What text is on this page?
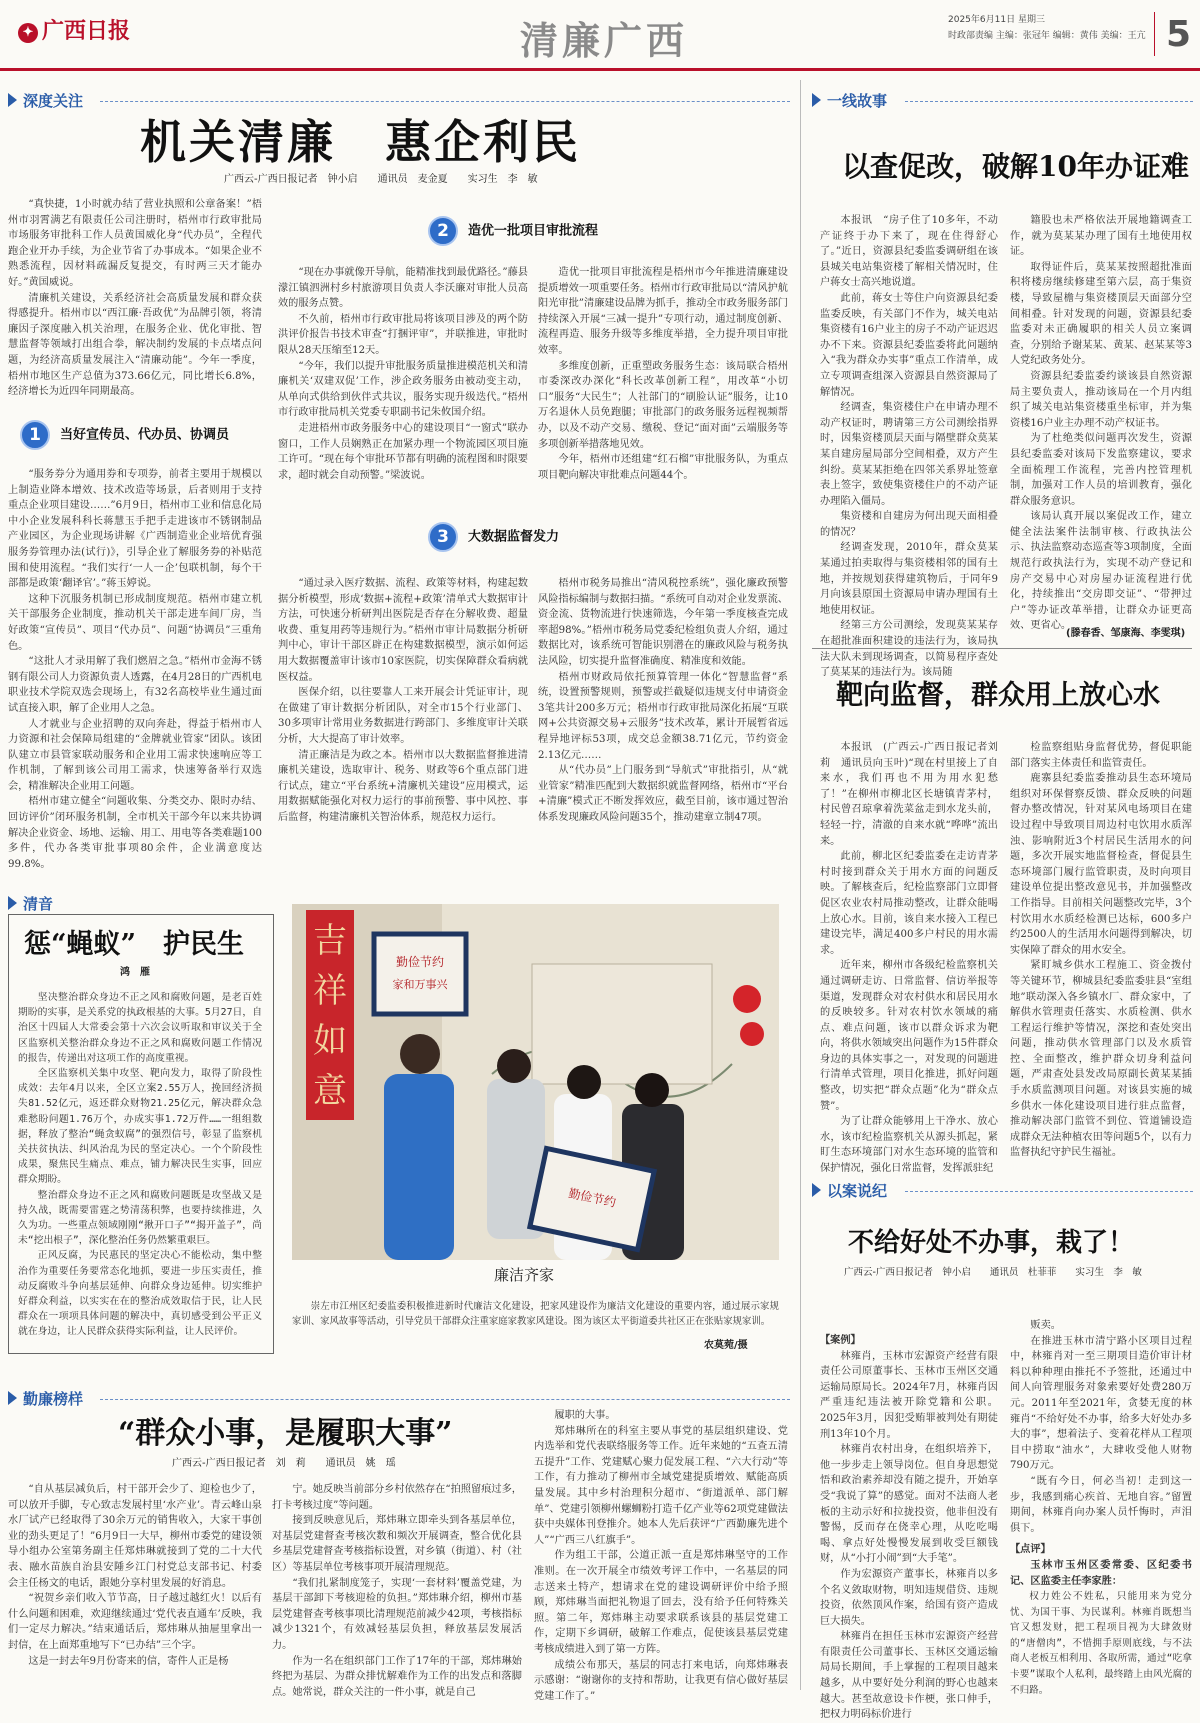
✦ 广西日报	清廉广西	2025年6月11日 星期三
时政部责编 主编：张冠年 编辑：黄伟 美编：王亢 5
深度关注
机关清廉　惠企利民
广西云-广西日报记者　钟小启　　通讯员　麦金夏　　实习生　李　敏

“真快捷，1小时就办结了营业执照和公章备案！”梧州市羽霄满艺有限责任公司注册时，梧州市行政审批局市场服务审批科工作人员黄国威化身“代办员”，全程代跑企业开办手续，为企业节省了办事成本。“如果企业不熟悉流程，因材料疏漏反复提交，有时两三天才能办好。”黄国威说。

清廉机关建设，关系经济社会高质量发展和群众获得感提升。梧州市以“西江廉·吾政优”为品牌引领，将清廉因子深度融入机关治理，在服务企业、优化审批、智慧监督等领域打出组合拳，解决制约发展的卡点堵点问题，为经济高质量发展注入“清廉动能”。今年一季度，梧州市地区生产总值为373.66亿元，同比增长6.8%，经济增长为近四年同期最高。

1 当好宣传员、代办员、协调员

“服务券分为通用券和专项券，前者主要用于规模以上制造业降本增效、技术改造等场景，后者则用于支持重点企业项目建设……”6月9日，梧州市工业和信息化局中小企业发展科科长蒋慧玉手把手走进该市不锈钢制品产业园区，为企业现场讲解《广西制造业企业培优育强服务券管理办法(试行)》，引导企业了解服务券的补贴范围和使用流程。“我们实行‘一人一企’包联机制，每个干部都是政策‘翻译官’。”蒋玉婷说。

这种下沉服务机制已形成制度规范。梧州市建立机关干部服务企业制度，推动机关干部走进车间厂房，当好政策“宣传员”、项目“代办员”、问题“协调员”三重角色。

“这批人才录用解了我们燃眉之急。”梧州市金海不锈钢有限公司人力资源负责人透露，在4月28日的广西机电职业技术学院双选会现场上，有32名高校毕业生通过面试直接入职，解了企业用人之急。

人才就业与企业招聘的双向奔赴，得益于梧州市人力资源和社会保障局组建的“金牌就业管家”团队。该团队建立市县管家联动服务和企业用工需求快速响应等工作机制，了解到该公司用工需求，快速筹备举行双选会，精准解决企业用工问题。

梧州市建立健全“问题收集、分类交办、限时办结、回访评价”闭环服务机制，全市机关干部今年以来共协调解决企业资金、场地、运输、用工、用电等各类难题100多件，代办各类审批事项80余件，企业满意度达99.8%。

2 造优一批项目审批流程

“现在办事就像开导航，能精准找到最优路径。”藤县濛江镇泗洲村乡村旅游项目负责人李沃廉对审批人员高效的服务点赞。

不久前，梧州市行政审批局将该项目涉及的两个防洪评价报告书技术审查“打捆评审”，并联推进，审批时限从28天压缩至12天。

“今年，我们以提升审批服务质量推进模范机关和清廉机关‘双建双促’工作，涉企政务服务由被动变主动，从单向式供给到伙伴式共议，服务实现升级迭代。”梧州市行政审批局机关党委专职副书记朱攸国介绍。

走进梧州市政务服务中心的建设项目“一窗式”联办窗口，工作人员娴熟正在加紧办理一个物流园区项目施工许可。“现在每个审批环节都有明确的流程图和时限要求，超时就会自动预警。”梁波说。

造优一批项目审批流程是梧州市今年推进清廉建设提质增效一项重要任务。梧州市行政审批局以“清风护航　阳光审批”清廉建设品牌为抓手，推动全市政务服务部门持续深入开展“三减一提升”专项行动，通过制度创新、流程再造、服务升级等多维度举措，全力提升项目审批效率。

多维度创新，正重塑政务服务生态：该局联合梧州市委深改办深化“科长改革创新工程”，用改革“小切口”服务“大民生”；人社部门的“刷脸认证”服务，让10万名退休人员免跑腿；审批部门的政务服务远程视频帮办，以及不动产交易、缴税、登记“面对面”云端服务等多项创新举措落地见效。

今年，梧州市还组建“红石榴”审批服务队，为重点项目靶向解决审批难点问题44个。

3 大数据监督发力

“通过录入医疗数据、流程、政策等材料，构建起数据分析模型，形成‘数据+流程+政策’清单式大数据审计方法，可快速分析研判出医院是否存在分解收费、超量收费、重复用药等违规行为。”梧州市审计局数据分析研判中心，审计干部区辟正在构建数据模型，演示如何运用大数据覆盖审计该市10家医院，切实保障群众看病就医权益。

医保介绍，以往要靠人工来开展会计凭证审计，现在做建了审计数据分析团队，对全市15个行业部门、30多项审计常用业务数据进行跨部门、多维度审计关联分析，大大提高了审计效率。

清正廉洁是为政之本。梧州市以大数据监督推进清廉机关建设，选取审计、税务、财政等6个重点部门进行试点，建立“平台系统+清廉机关建设”应用模式，运用数据赋能强化对权力运行的事前预警、事中风控、事后监督，构建清廉机关智治体系，规范权力运行。

梧州市税务局推出“清风税控系统”，强化廉政预警风险指标编制与数据扫描。“系统可自动对企业发票流、资金流、货物流进行快速筛选，今年第一季度核查完成率超98%。”梧州市税务局党委纪检组负责人介绍，通过数据比对，该系统可智能识别潜在的廉政风险与税务执法风险，切实提升监督准确度、精准度和效能。

梧州市财政局依托预算管理一体化“智慧监督”系统，设置预警规则，预警或拦截疑似违规支付申请资金3笔共计200多万元；梧州市行政审批局深化拓展“互联网+公共资源交易+云服务”技术改革，累计开展暂省远程异地评标53项，成交总金额38.71亿元，节约资金2.13亿元……

从“代办员”上门服务到“导航式”审批指引，从“就业管家”精准匹配到大数据织就监督网络，梧州市“平台+清廉”模式正不断发挥效应，截至目前，该市通过智治体系发现廉政风险问题35个，推动建章立制47项。

一线故事
以查促改，破解10年办证难

本报讯　“房子住了10多年，不动产证终于办下来了，现在住得舒心了。”近日，资源县纪委监委调研组在该县城关电站集资楼了解相关情况时，住户蒋女士高兴地说道。

此前，蒋女士等住户向资源县纪委监委反映，有关部门不作为，城关电站集资楼有16户业主的房子不动产证迟迟办不下来。资源县纪委监委将此问题纳入“我为群众办实事”重点工作清单，成立专项调查组深入资源县自然资源局了解情况。

经调查，集资楼住户在申请办理不动产权证时，聘请第三方公司测绘指界时，因集资楼顶层天面与隔壁群众莫某某自建房屋局部分空间相叠，双方产生纠纷。莫某某拒绝在四邻关系界址签章表上签字，致使集资楼住户的不动产证办理陷入僵局。

集资楼和自建房为何出现天面相叠的情况？

经调查发现，2010年，群众莫某某通过拍卖取得与集资楼相邻的国有土地，并按规划获得建筑物后，于同年9月向该县原国土资源局申请办理国有土地使用权证。

经第三方公司测绘，发现莫某某存在超批准面积建设的违法行为，该局执法大队未到现场调查，以简易程序查处了莫某某的违法行为。该局随

籍股也未严格依法开展地籍调查工作，就为莫某某办理了国有土地使用权证。

取得证件后，莫某某按照超批准面积将楼房继续修建至第六层，高于集资楼，导致屋檐与集资楼顶层天面部分空间相叠。针对发现的问题，资源县纪委监委对未正确履职的相关人员立案调查，分别给予谢某某、黄某、赵某某等3人党纪政务处分。

资源县纪委监委约谈该县自然资源局主要负责人，推动该局在一个月内组织了城关电站集资楼重坐标审，并为集资楼16户业主办理不动产权证书。

为了杜绝类似问题再次发生，资源县纪委监委对该局下发监察建议，要求全面梳理工作流程，完善内控管理机制，加强对工作人员的培训教育，强化群众服务意识。

该局认真开展以案促改工作，建立健全法法案件法制审核、行政执法公示、执法监察动态巡查等3项制度，全面规范行政执法行为，实现不动产登记和房产交易中心对房屋办证流程进行优化，持续推出“交房即交证”、“带押过户”等办证改革举措，让群众办证更高效、更省心。

(滕春香、邹康海、李雯琪)
靶向监督，群众用上放心水

本报讯　(广西云-广西日报记者刘莉　通讯员向玉叶)“现在村里接上了自来水，我们再也不用为用水犯愁了！”在柳州市柳北区长塘镇青茅村，村民曾召琼拿着洗菜盆走到水龙头前，轻轻一拧，清澈的自来水就“哗哗”流出来。

此前，柳北区纪委监委在走访青茅村时接到群众关于用水方面的问题反映。了解核查后，纪检监察部门立即督促区农业农村局推动整改，让群众能喝上放心水。目前，该自来水接入工程已建设完毕，满足400多户村民的用水需求。

近年来，柳州市各级纪检监察机关通过调研走访、日常监督、信访举报等渠道，发现群众对农村供水和居民用水的反映较多。针对农村饮水领域的痛点、难点问题，该市以群众诉求为靶向，将供水领域突出问题作为15件群众身边的具体实事之一，对发现的问题进行清单式管理，项目化推进，抓好问题整改，切实把“群众点题”化为“群众点赞”。

为了让群众能够用上干净水、放心水，该市纪检监察机关从源头抓起，紧盯生态环境部门对水生态环境的监管和保护情况，强化日常监督，发挥派驻纪

检监察组贴身监督优势，督促职能部门落实主体责任和监管责任。

鹿寨县纪委监委推动县生态环境局组织对环保督察反馈、群众反映的问题督办整改情况，针对某风电场项目在建设过程中导致项目周边村屯饮用水质浑浊、影响附近3个村居民生活用水的问题，多次开展实地监督检查，督促县生态环境部门履行监管职责，及时向项目建设单位提出整改意见书，并加强整改工作指导。目前相关问题整改完毕，3个村饮用水水质经检测已达标，600多户约2500人的生活用水问题得到解决，切实保障了群众的用水安全。

紧盯城乡供水工程施工、资金拨付等关键环节，柳城县纪委监委驻县“室组地”联动深入各乡镇水厂、群众家中，了解供水管理责任落实、水质检测、供水工程运行维护等情况，深挖和查处突出问题，推动供水管理部门以及水质管控、全面整改，维护群众切身利益问题，严肃查处县发改局原副长黄某某插手水质监测项目问题。对该县实施的城乡供水一体化建设项目进行驻点监督，推动解决部门监管不到位、管道铺设造成群众无法种植农田等问题5个，以有力监督执纪守护民生福祉。

清音
惩“蝇蚁”　护民生
鸿　雁

坚决整治群众身边不正之风和腐败问题，是老百姓期盼的实事，是关系党的执政根基的大事。5月27日，自治区十四届人大常委会第十六次会议听取和审议关于全区监察机关整治群众身边不正之风和腐败问题工作情况的报告，传递出对这项工作的高度重视。

全区监察机关集中攻坚、靶向发力，取得了阶段性成效：去年4月以来，全区立案2.55万人，挽回经济损失81.52亿元，返还群众财物21.25亿元，解决群众急难愁盼问题1.76万个，办成实事1.72万件……一组组数据，释放了整治“蝇贪蚁腐”的强烈信号，彰显了监察机关扶贫执法、纠风治乱为民的坚定决心。一个个阶段性成果，聚焦民生痛点、难点，铺力解决民生实事，回应群众期盼。

整治群众身边不正之风和腐败问题既是攻坚战又是持久战，既需要雷霆之势清荡积弊，也要持续推进，久久为功。一些重点领域刚刚“揪开口子”“揭开盖子”，尚未“挖出根子”，深化整治任务仍然繁重艰巨。

正风反腐，为民惠民的坚定决心不能松动，集中整治作为重要任务要常态化地抓，要进一步压实责任，推动反腐败斗争向基层延伸、向群众身边延伸。切实维护好群众利益，以实实在在的整治成效取信于民，让人民群众在一项项具体问题的解决中，真切感受到公平正义就在身边，让人民群众获得实际利益，让人民评价。

吉
祥
如
意
勤俭节约
家和万事兴
勤俭节约
廉洁齐家

崇左市江州区纪委监委积极推进新时代廉洁文化建设，把家风建设作为廉洁文化建设的重要内容，通过展示家规家训、家风故事等活动，引导党员干部群众注重家庭家教家风建设。图为该区太平街道委共社区正在张贴家规家训。

农莫菀/摄
以案说纪
不给好处不办事，栽了！
广西云-广西日报记者　钟小启　　通讯员　杜菲菲　　实习生　李　敏
【案例】

林雍肖，玉林市宏源资产经营有限责任公司原董事长、玉林市玉州区交通运输局原局长。2024年7月，林雍肖因严重违纪违法被开除党籍和公职。2025年3月，因犯受贿罪被判处有期徒刑13年10个月。

林雍肖农村出身，在组织培养下，他一步步走上领导岗位。但自身思想觉悟和政治素养却没有随之提升，开始享受“我说了算”的感觉。面对不法商人老板的主动示好和拉拢投资，他非但没有警惕，反而存在侥幸心理，从吃吃喝喝、拿点好处慢慢发展到收受巨额钱财，从“小打小闹”到“大手笔”。

作为宏源资产董事长，林雍肖以多个名义敛取财物，明知违规借贷、违规投资，依然顶风作案，给国有资产造成巨大损失。

林雍肖在担任玉林市宏源资产经营有限责任公司董事长、玉林区交通运输局局长期间，手上掌握的工程项目越来越多，从中要好处分利润的野心也越来越大。甚至故意设卡作梗，张口伸手，把权力明码标价进行

贩卖。

在推进玉林市清宁路小区项目过程中，林雍肖对一至三期项目造价审计材料以种种理由推托不予签批，还通过中间人向管理服务对象索要好处费280万元。2011年至2021年，贪婪无度的林雍肖“不给好处不办事，给多大好处办多大的事”，想着法子、变着花样从工程项目中捞取“油水”，大肆收受他人财物790万元。

“既有今日，何必当初！走到这一步，我感到痛心疾首、无地自容。”留置期间，林雍肖向办案人员忏悔时，声泪俱下。

【点评】
玉林市玉州区委常委、区纪委书记、区监委主任李家胜：

权力姓公不姓私，只能用来为党分忧、为国干事、为民谋利。林雍肖既想当官又想发财，把工程项目视为大肆敛财的“唐僧肉”，不惜拥手原则底线，与不法商人老板互相利用、各取所需，通过“吃拿卡要”谋取个人私利，最终踏上由风光腐的不归路。

勤廉榜样
“群众小事，是履职大事”
广西云-广西日报记者　刘　莉　　通讯员　姚　瑶

“自从基层减负后，村干部开会少了、迎检也少了，可以放开手脚，专心致志发展村里‘水产业’。青云峰山泉水厂试产已经取得了30余万元的销售收入，大家干事创业的劲头更足了！”6月9日一大早，柳州市委党的建设领导小组办公室第务副主任郑炜琳就接到了党的二十大代表、融水苗族自治县安陲乡江门村党总支部书记、村委会主任杨文的电话，跟她分享村里发展的好消息。

“祝贺乡亲们收入节节高，日子越过越红火！以后有什么问题和困难，欢迎继续通过‘党代表直通车’反映，我们一定尽力解决。”结束通话后，郑炜琳从抽屉里拿出一封信，在上面郑重地写下“已办结”三个字。

这是一封去年9月份寄来的信，寄件人正是杨

宁。她反映当前部分乡村依然存在“拍照留痕过多，打卡考核过度”等问题。

接到反映意见后，郑炜琳立即牵头到各基层单位，对基层党建督查考核次数和频次开展调查，整合优化县乡基层党建督查考核指标设置，对乡镇（街道）、村（社区）等基层单位考核事项开展清理规范。

“我们扎紧制度笼子，实现‘一套材料’覆盖党建，为基层干部卸下考核迎检的负担。”郑炜琳介绍，柳州市基层党建督查考核事项比清理规范前减少42项，考核指标减少1321个，有效减轻基层负担，释放基层发展活力。

作为一名在组织部门工作了17年的干部，郑炜琳始终把为基层、为群众排忧解难作为工作的出发点和落脚点。她常说，群众关注的一件小事，就是自己

履职的大事。

郑炜琳所在的科室主要从事党的基层组织建设、党内选举和党代表联络服务等工作。近年来她的“五查五清五提升”工作、党建赋心聚力促发展工程、“六大行动”等工作，有力推动了柳州市全域党建提质增效、赋能高质量发展。其中乡村治理积分超市、“街道派单、部门解单”、党建引领柳州螺蛳粉打造千亿产业等62项党建做法获中央媒体刊登推介。她本人先后获评“广西勤廉先进个人”“广西三八红旗手”。

作为组工干部，公道正派一直是郑炜琳坚守的工作准则。在一次开展全市绩效考评工作中，一名基层的同志送来土特产，想请求在党的建设调研评价中给予照顾，郑炜琳当面把礼物退了回去，没有给予任何特殊关照。第二年，郑炜琳主动要求联系该县的基层党建工作，定期下乡调研，破解工作难点，促使该县基层党建考核成绩进入到了第一方阵。

成绩公布那天，基层的同志打来电话，向郑炜琳表示感谢：“谢谢你的支持和帮助，让我更有信心做好基层党建工作了。”
